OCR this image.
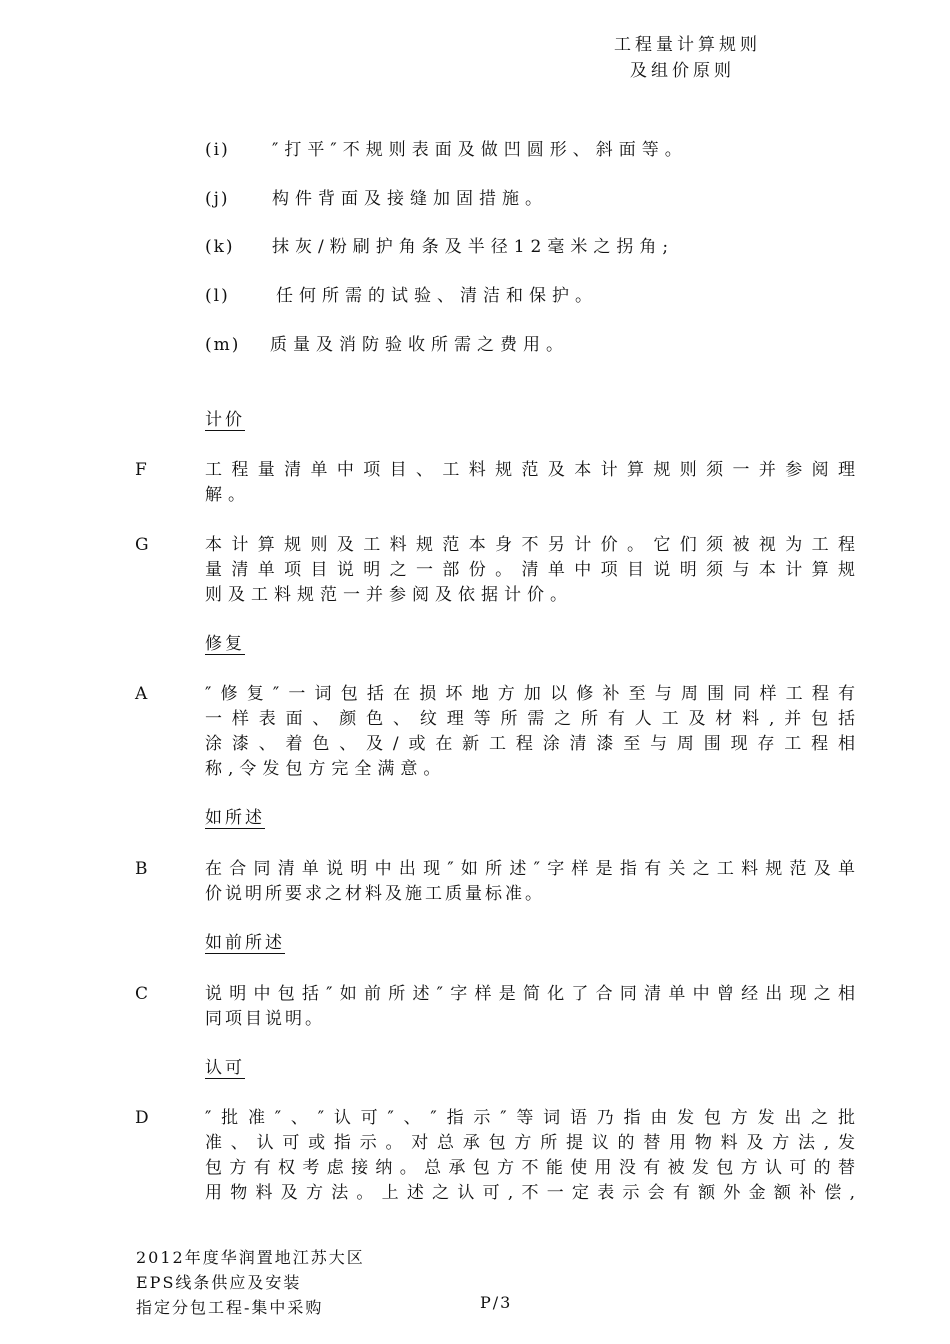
工程量计算规则
及组价原则
(i) ″打平″不规则表面及做凹圆形、斜面等。
(j) 构件背面及接缝加固措施。
(k) 抹灰/粉刷护角条及半径12毫米之拐角;
(l)	任何所需的试验、清洁和保护。
(m) 质量及消防验收所需之费用。
计价
F	工程量清单中项目、工料规范及本计算规则须一并参阅理
解。
G	本计算规则及工料规范本身不另计价。它们须被视为工程
量清单项目说明之一部份。清单中项目说明须与本计算规
则及工料规范一并参阅及依据计价。
修复
A	″修复″一词包括在损坏地方加以修补至与周围同样工程有
一样表面、颜色、纹理等所需之所有人工及材料,并包括
涂漆、着色、及/或在新工程涂清漆至与周围现存工程相
称,令发包方完全满意。
如所述
B	在合同清单说明中出现″如所述″字样是指有关之工料规范及单
价说明所要求之材料及施工质量标准。
如前所述
C	说明中包括″如前所述″字样是简化了合同清单中曾经出现之相
同项目说明。
认可
D	″批准″、″认可″、″指示″等词语乃指由发包方发出之批
准、认可或指示。对总承包方所提议的替用物料及方法,发
包方有权考虑接纳。总承包方不能使用没有被发包方认可的替
用物料及方法。上述之认可,不一定表示会有额外金额补偿,
2012年度华润置地江苏大区
EPS线条供应及安装
指定分包工程-集中采购	P/3
